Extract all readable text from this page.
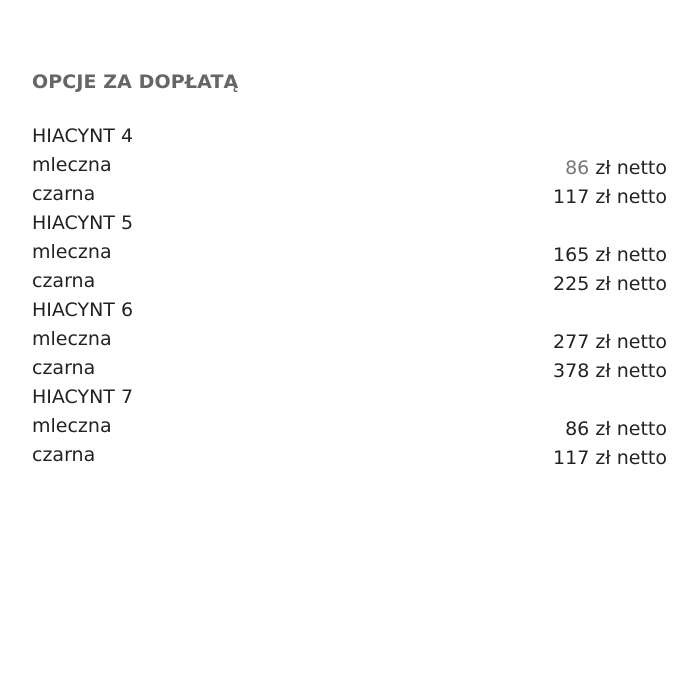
OPCJE ZA DOPŁATĄ
HIACYNT 4
mleczna	86 zł netto
czarna	117 zł netto
HIACYNT 5
mleczna	165 zł netto
czarna	225 zł netto
HIACYNT 6
mleczna	277 zł netto
czarna	378 zł netto
HIACYNT 7
mleczna	86 zł netto
czarna	117 zł netto
